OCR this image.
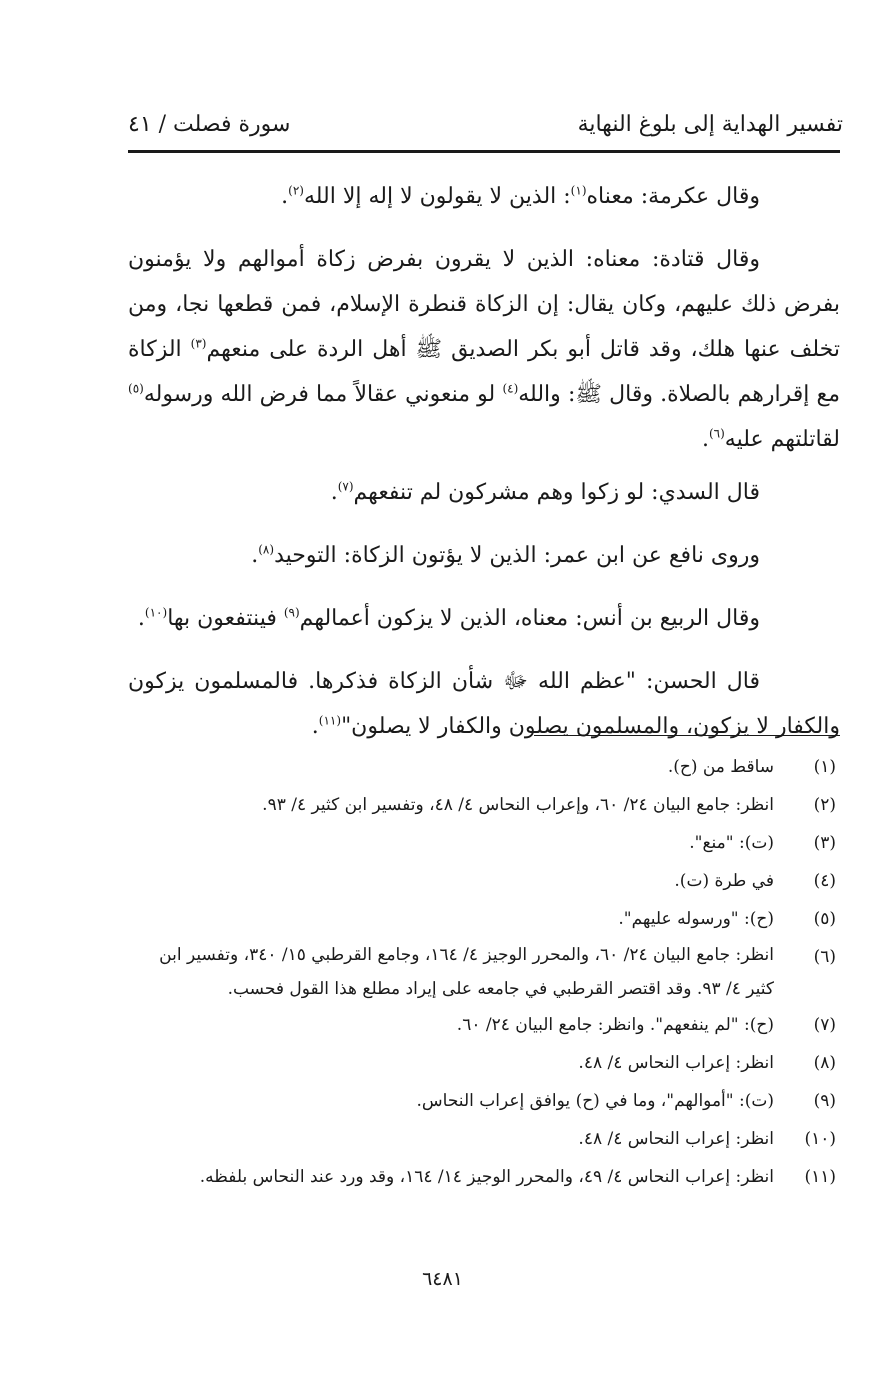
تفسير الهداية إلى بلوغ النهاية
سورة فصلت / ٤١

وقال عكرمة: معناه$^{(١)}$: الذين لا يقولون لا إله إلا الله$^{(٢)}$.

وقال قتادة: معناه: الذين لا يقرون بفرض زكاة أموالهم ولا يؤمنون بفرض ذلك عليهم، وكان يقال: إن الزكاة قنطرة الإسلام، فمن قطعها نجا، ومن تخلف عنها هلك، وقد قاتل أبو بكر الصديق ﷺ أهل الردة على منعهم$^{(٣)}$ الزكاة مع إقرارهم بالصلاة. وقال ﷺ: والله$^{(٤)}$ لو منعوني عقالاً مما فرض الله ورسوله$^{(٥)}$ لقاتلتهم عليه$^{(٦)}$.

قال السدي: لو زكوا وهم مشركون لم تنفعهم$^{(٧)}$.

وروى نافع عن ابن عمر: الذين لا يؤتون الزكاة: التوحيد$^{(٨)}$.

وقال الربيع بن أنس: معناه، الذين لا يزكون أعمالهم$^{(٩)}$ فينتفعون بها$^{(١٠)}$.

قال الحسن: "عظم الله ﷻ شأن الزكاة فذكرها. فالمسلمون يزكون والكفار لا يزكون، والمسلمون يصلون والكفار لا يصلون"$^{(١١)}$.

(١)
ساقط من (ح).
(٢)
انظر: جامع البيان ٢٤/ ٦٠، وإعراب النحاس ٤/ ٤٨، وتفسير ابن كثير ٤/ ٩٣.
(٣)
(ت): "منع".
(٤)
في طرة (ت).
(٥)
(ح): "ورسوله عليهم".
(٦)
انظر: جامع البيان ٢٤/ ٦٠، والمحرر الوجيز ٤/ ١٦٤، وجامع القرطبي ١٥/ ٣٤٠، وتفسير ابن كثير ٤/ ٩٣. وقد اقتصر القرطبي في جامعه على إيراد مطلع هذا القول فحسب.
(٧)
(ح): "لم ينفعهم". وانظر: جامع البيان ٢٤/ ٦٠.
(٨)
انظر: إعراب النحاس ٤/ ٤٨.
(٩)
(ت): "أموالهم"، وما في (ح) يوافق إعراب النحاس.
(١٠)
انظر: إعراب النحاس ٤/ ٤٨.
(١١)
انظر: إعراب النحاس ٤/ ٤٩، والمحرر الوجيز ١٤/ ١٦٤، وقد ورد عند النحاس بلفظه.
٦٤٨١
